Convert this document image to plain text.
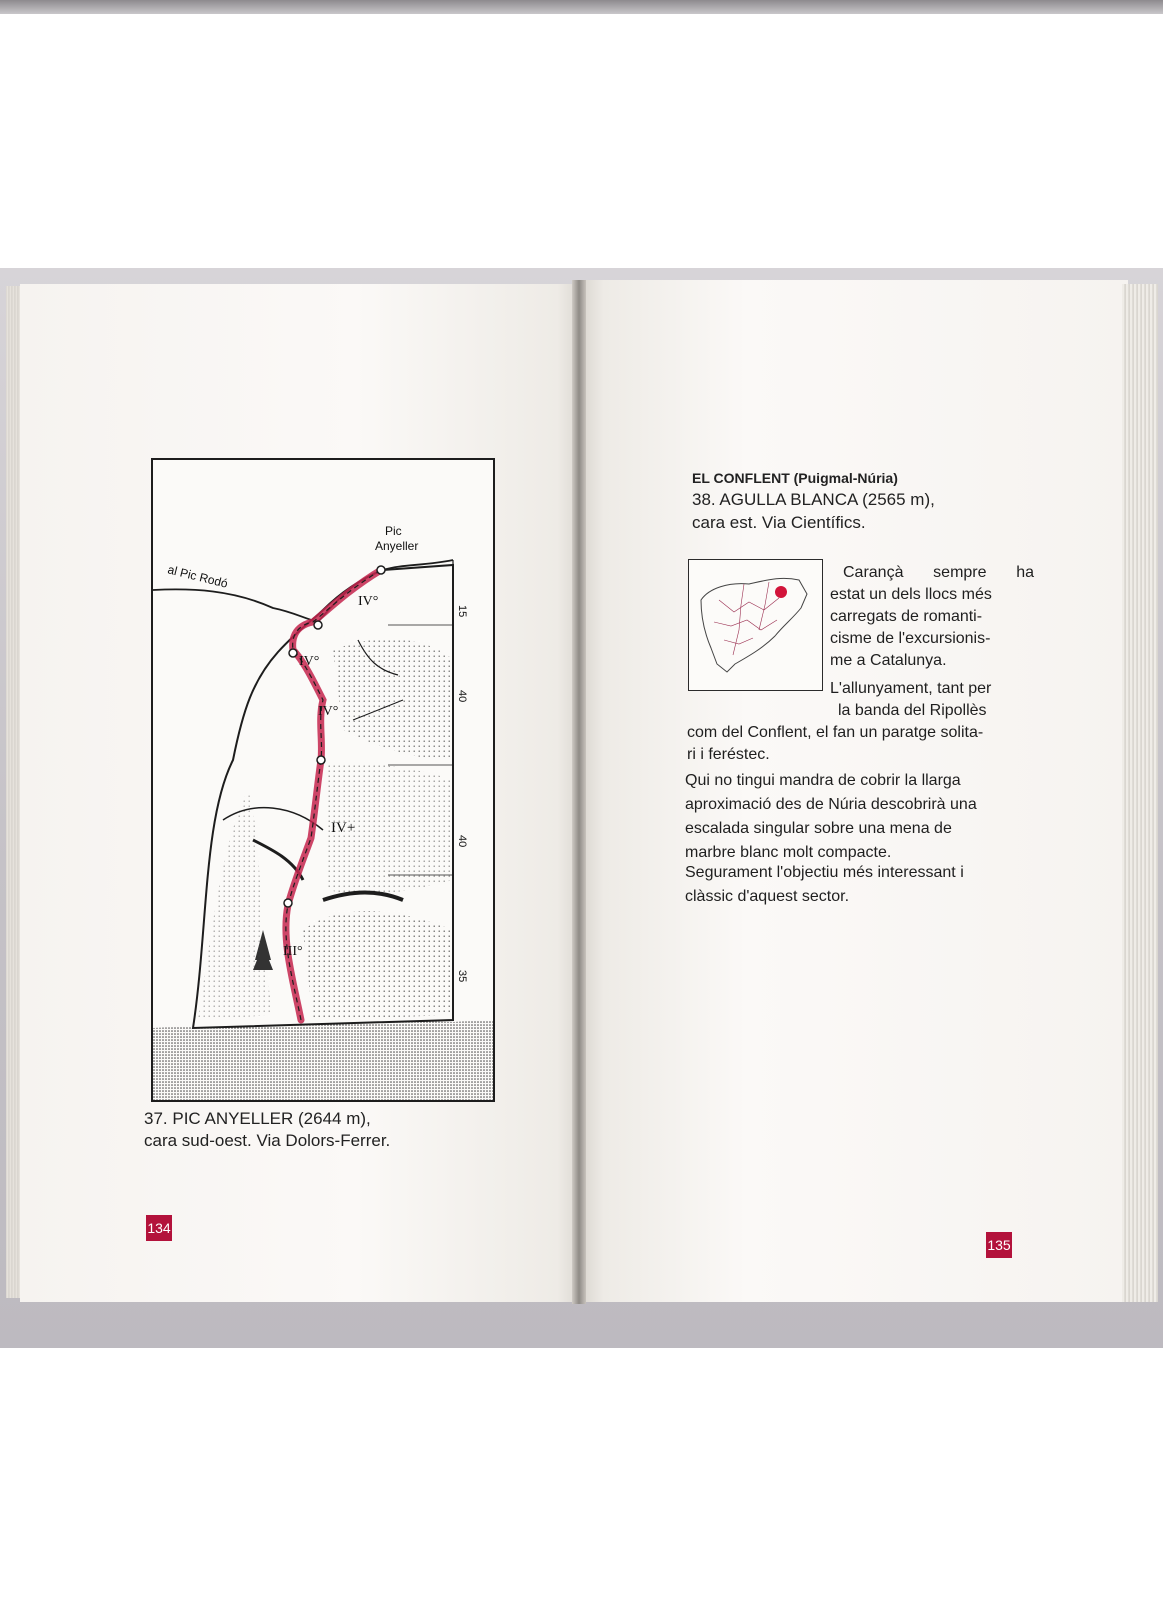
Pic
Anyeller
al Pic Rodó
IV°
IV°
IV°
IV+
III°
15
40
40
35
37. PIC ANYELLER (2644 m),
cara sud-oest. Via Dolors-Ferrer.
134
EL CONFLENT (Puigmal-Núria)
38. AGULLA BLANCA (2565 m),
cara est. Via Científics.
Carançà sempre ha
estat un dels llocs més
carregats de romanti-
cisme de l'excursionis-
me a Catalunya.
L'allunyament, tant per
la banda del Ripollès
com del Conflent, el fan un paratge solita-
ri i feréstec.
Qui no tingui mandra de cobrir la llarga
aproximació des de Núria descobrirà una
escalada singular sobre una mena de
marbre blanc molt compacte.
Segurament l'objectiu més interessant i
clàssic d'aquest sector.
135
